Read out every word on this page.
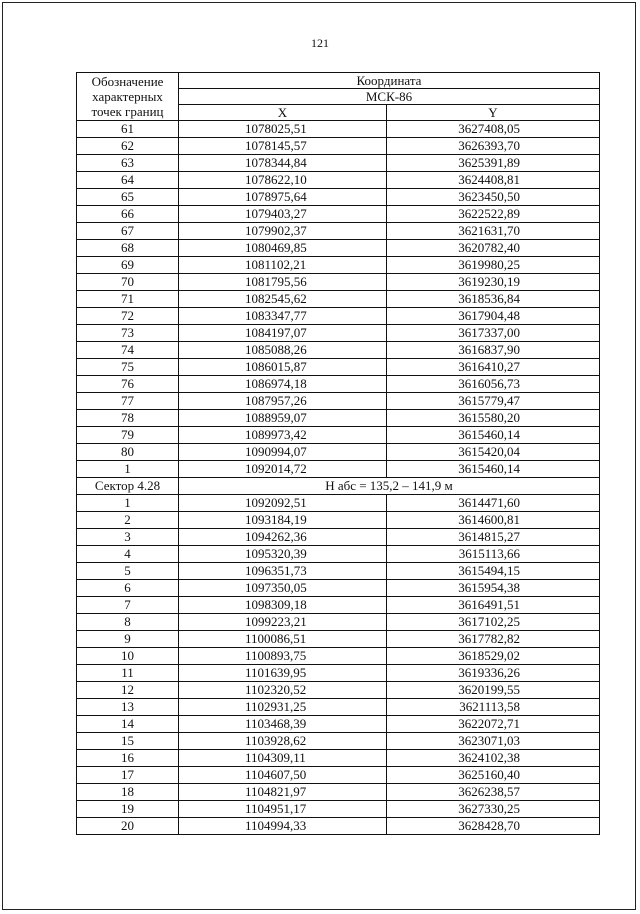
121
Обозначение характерных точек границ	Координата	
	МСК-86	
	X	Y
61	1078025,51	3627408,05
62	1078145,57	3626393,70
63	1078344,84	3625391,89
64	1078622,10	3624408,81
65	1078975,64	3623450,50
66	1079403,27	3622522,89
67	1079902,37	3621631,70
68	1080469,85	3620782,40
69	1081102,21	3619980,25
70	1081795,56	3619230,19
71	1082545,62	3618536,84
72	1083347,77	3617904,48
73	1084197,07	3617337,00
74	1085088,26	3616837,90
75	1086015,87	3616410,27
76	1086974,18	3616056,73
77	1087957,26	3615779,47
78	1088959,07	3615580,20
79	1089973,42	3615460,14
80	1090994,07	3615420,04
1	1092014,72	3615460,14
Сектор 4.28	Н абс = 135,2 – 141,9 м	
1	1092092,51	3614471,60
2	1093184,19	3614600,81
3	1094262,36	3614815,27
4	1095320,39	3615113,66
5	1096351,73	3615494,15
6	1097350,05	3615954,38
7	1098309,18	3616491,51
8	1099223,21	3617102,25
9	1100086,51	3617782,82
10	1100893,75	3618529,02
11	1101639,95	3619336,26
12	1102320,52	3620199,55
13	1102931,25	3621113,58
14	1103468,39	3622072,71
15	1103928,62	3623071,03
16	1104309,11	3624102,38
17	1104607,50	3625160,40
18	1104821,97	3626238,57
19	1104951,17	3627330,25
20	1104994,33	3628428,70
